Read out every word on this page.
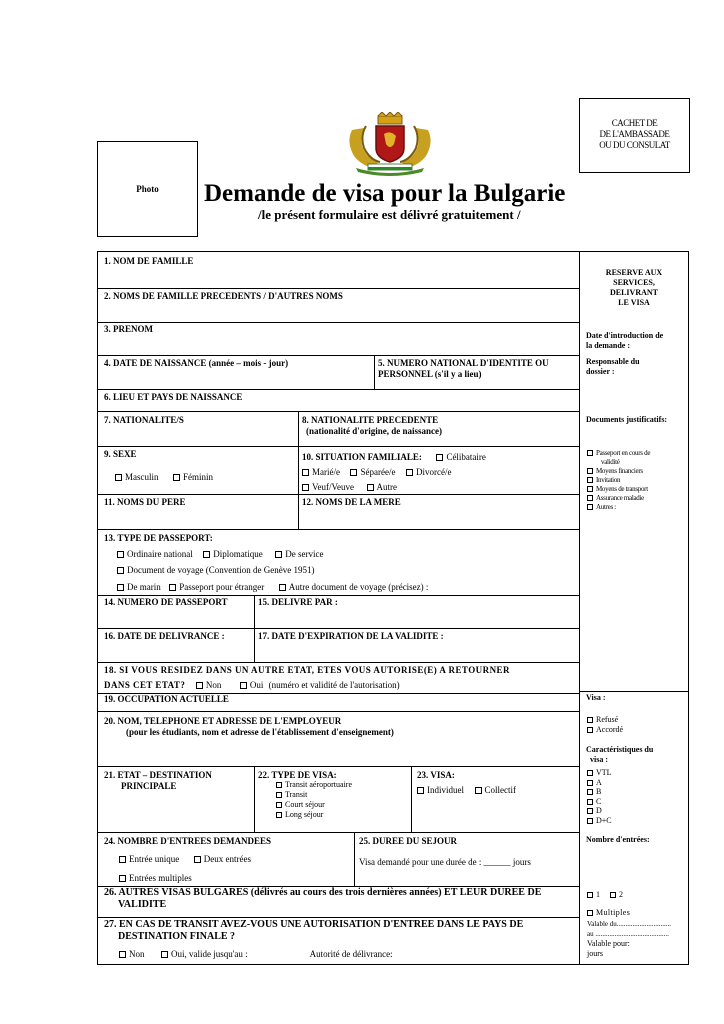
Photo
CACHET DE
DE L'AMBASSADE
OU DU CONSULAT
Demande de visa pour la Bulgarie
/le présent formulaire est délivré gratuitement /
1. NOM DE FAMILLE
2. NOMS DE FAMILLE PRECEDENTS / D'AUTRES NOMS
3. PRENOM
4. DATE DE NAISSANCE (année – mois - jour)	5. NUMERO NATIONAL D'IDENTITE OU
PERSONNEL (s'il y a lieu)
6. LIEU ET PAYS DE NAISSANCE
7. NATIONALITE/S	8. NATIONALITE PRECEDENTE
(nationalité d'origine, de naissance)
9. SEXE
Masculin	Féminin
10. SITUATION FAMILIALE:	Célibataire
Marié/e Séparée/e Divorcé/e
Veuf/Veuve	Autre
11. NOMS DU PERE	12. NOMS DE LA MERE
13. TYPE DE PASSEPORT:
Ordinaire national Diplomatique	De service
Document de voyage (Convention de Genève 1951)
De marin Passeport pour étranger	Autre document de voyage (précisez) :
14. NUMERO DE PASSEPORT	15. DELIVRE PAR :
16. DATE DE DELIVRANCE :	17. DATE D'EXPIRATION DE LA VALIDITE :
18. SI VOUS RESIDEZ DANS UN AUTRE ETAT, ETES VOUS AUTORISE(E) A RETOURNER
DANS CET ETAT? Non	Oui (numéro et validité de l'autorisation)
19. OCCUPATION ACTUELLE
20. NOM, TELEPHONE ET ADRESSE DE L'EMPLOYEUR
(pour les étudiants, nom et adresse de l'établissement d'enseignement)
21. ETAT – DESTINATION
PRINCIPALE
22. TYPE DE VISA:
Transit aéroportuaire
Transit
Court séjour
Long séjour
23. VISA:
Individuel Collectif
24. NOMBRE D'ENTREES DEMANDEES
Entrée unique	Deux entrées
Entrées multiples
25. DUREE DU SEJOUR
Visa demandé pour une durée de : ______ jours
26. AUTRES VISAS BULGARES (délivrés au cours des trois dernières années) ET LEUR DUREE DE
VALIDITE
27. EN CAS DE TRANSIT AVEZ-VOUS UNE AUTORISATION D'ENTREE DANS LE PAYS DE
DESTINATION FINALE ?
Non	Oui, valide jusqu'au :	Autorité de délivrance:
RESERVE AUX
SERVICES,
DELIVRANT
LE VISA
Date d'introduction de
la demande :
Responsable du
dossier :
Documents justificatifs:
Passeport en cours de
validité
Moyens financiers
Invitation
Moyens de transport
Assurance maladie
Autres :
Visa :
Refusé
Accordé
Caractéristiques du
visa :
VTL
A
B
C
D
D+C
Nombre d'entrées:
1 2
Multiples
Valable du...............................
au ..........................................
Valable pour:
jours
